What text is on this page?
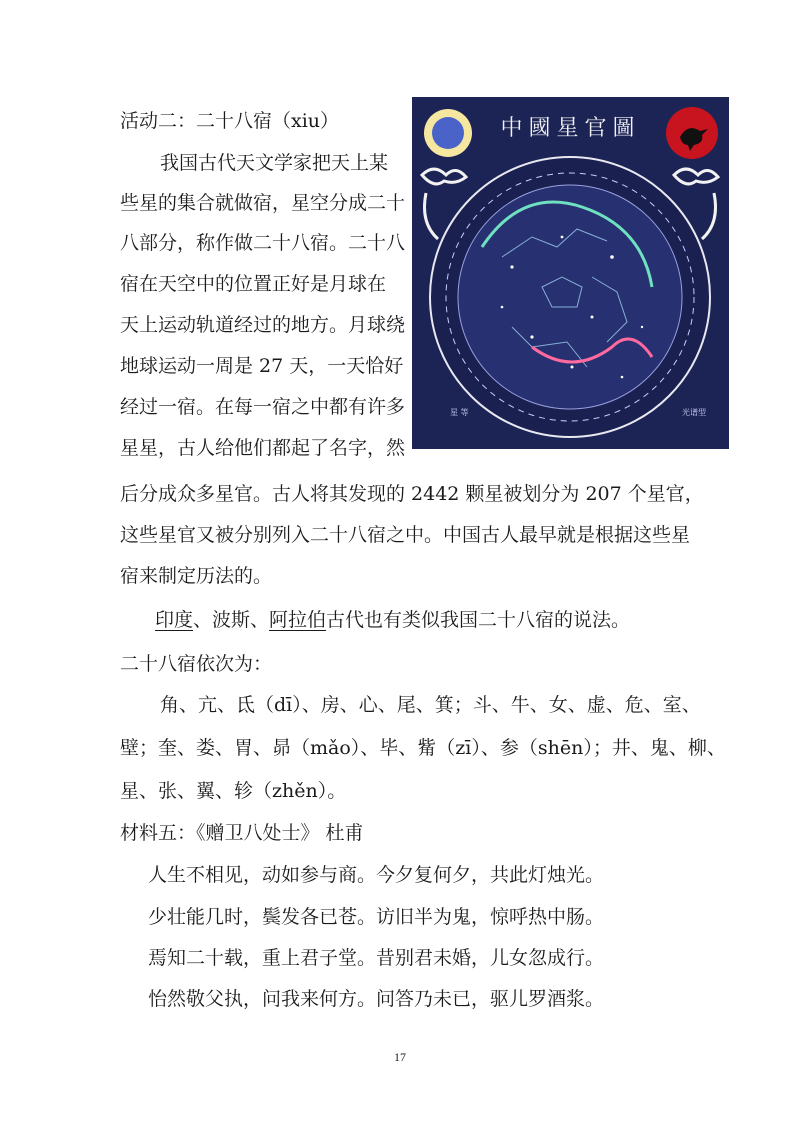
活动二：二十八宿（xiu）
我国古代天文学家把天上某
些星的集合就做宿，星空分成二十
八部分，称作做二十八宿。二十八
宿在天空中的位置正好是月球在
天上运动轨道经过的地方。月球绕
地球运动一周是 27 天，一天恰好
经过一宿。在每一宿之中都有许多
星星，古人给他们都起了名字，然
后分成众多星官。古人将其发现的 2442 颗星被划分为 207 个星官，
这些星官又被分别列入二十八宿之中。中国古人最早就是根据这些星
宿来制定历法的。
印度、波斯、阿拉伯古代也有类似我国二十八宿的说法。
二十八宿依次为：
角、亢、氐（dī）、房、心、尾、箕；斗、牛、女、虚、危、室、
壁；奎、娄、胃、昴（mǎo）、毕、觜（zī）、参（shēn）；井、鬼、柳、
星、张、翼、轸（zhěn）。
材料五：《赠卫八处士》 杜甫
人生不相见，动如参与商。今夕复何夕，共此灯烛光。
少壮能几时，鬓发各已苍。访旧半为鬼，惊呼热中肠。
焉知二十载，重上君子堂。昔别君未婚，儿女忽成行。
怡然敬父执，问我来何方。问答乃未已，驱儿罗酒浆。
中國星官圖
星 等	光谱型
17
